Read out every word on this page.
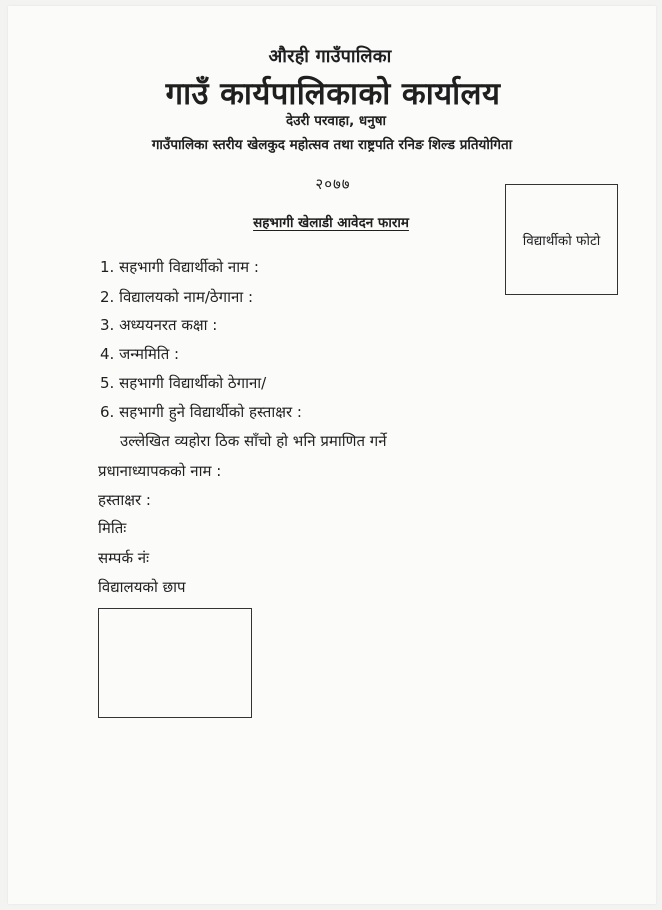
औरही गाउँपालिका
गाउँ कार्यपालिकाको कार्यालय
देउरी परवाहा, धनुषा
गाउँपालिका स्तरीय खेलकुद महोत्सव तथा राष्ट्रपति रनिङ शिल्ड प्रतियोगिता
२०७७
सहभागी खेलाडी आवेदन फाराम
विद्यार्थीको फोटो
1. सहभागी विद्यार्थीको नाम :
2. विद्यालयको नाम/ठेगाना :
3. अध्ययनरत कक्षा :
4. जन्ममिति :
5. सहभागी विद्यार्थीको ठेगाना/
6. सहभागी हुने विद्यार्थीको हस्ताक्षर :
उल्लेखित व्यहोरा ठिक साँचो हो भनि प्रमाणित गर्ने
प्रधानाध्यापकको नाम :
हस्ताक्षर :
मितिः
सम्पर्क नंः
विद्यालयको छाप
